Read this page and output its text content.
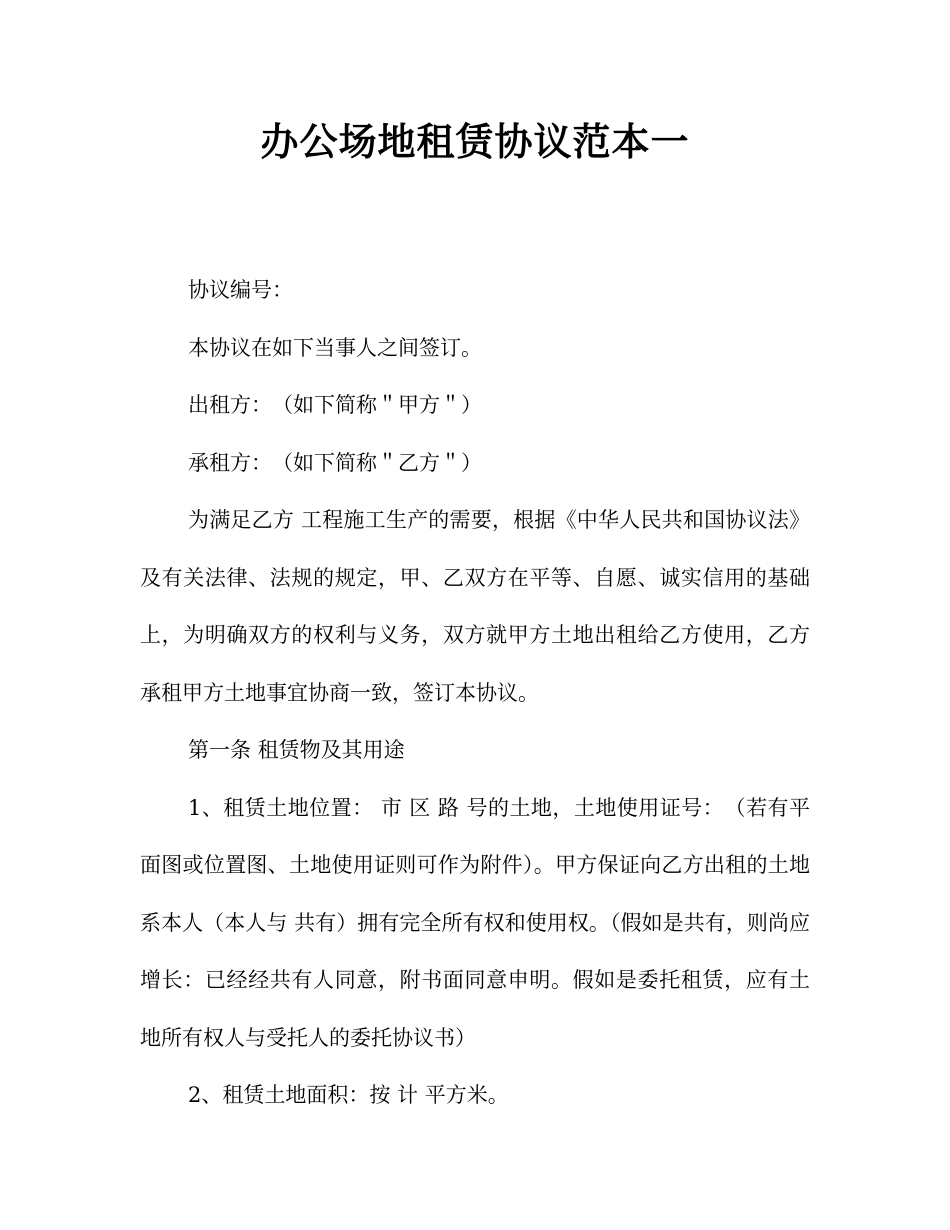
办公场地租赁协议范本一

协议编号：

本协议在如下当事人之间签订。

出租方：　（如下简称＂甲方＂）

承租方：　（如下简称＂乙方＂）

为满足乙方 工程施工生产的需要，根据《中华人民共和国协议法》及有关法律、法规的规定，甲、乙双方在平等、自愿、诚实信用的基础上，为明确双方的权利与义务，双方就甲方土地出租给乙方使用，乙方承租甲方土地事宜协商一致，签订本协议。

第一条 租赁物及其用途

1、租赁土地位置： 市 区 路 号的土地，土地使用证号：　（若有平面图或位置图、土地使用证则可作为附件）。甲方保证向乙方出租的土地系本人（本人与 共有）拥有完全所有权和使用权。（假如是共有，则尚应增长：已经经共有人同意，附书面同意申明。假如是委托租赁，应有土地所有权人与受托人的委托协议书）

2、租赁土地面积：按 计 平方米。
